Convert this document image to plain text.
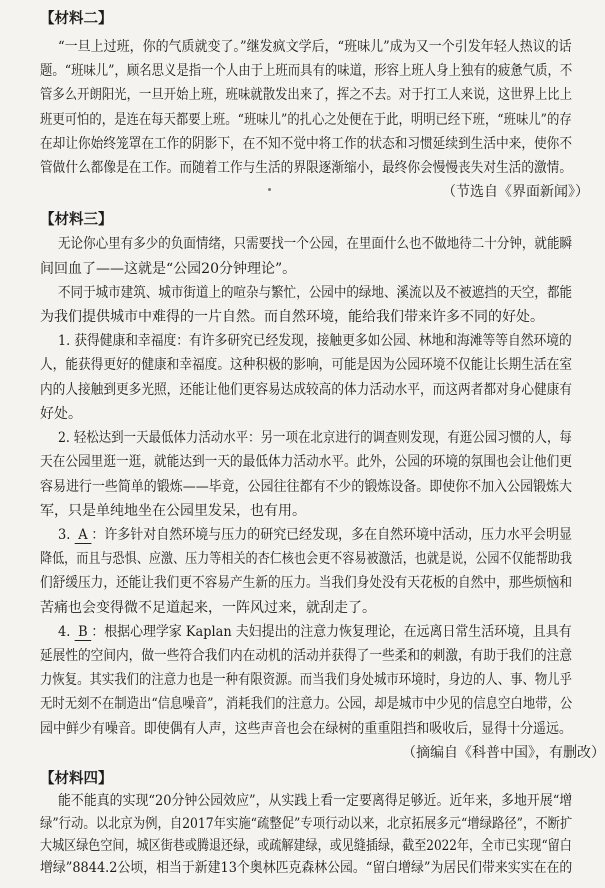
【材料二】
“一旦上过班，你的气质就变了。”继发疯文学后，“班味儿”成为又一个引发年轻人热议的话
题。“班味儿”，顾名思义是指一个人由于上班而具有的味道，形容上班人身上独有的疲惫气质，不
管多么开朗阳光，一旦开始上班，班味就散发出来了，挥之不去。对于打工人来说，这世界上比上
班更可怕的，是连在每天都要上班。“班味儿”的扎心之处便在于此，明明已经下班，“班味儿”的存
在却让你始终笼罩在工作的阴影下，在不知不觉中将工作的状态和习惯延续到生活中来，使你不
管做什么都像是在工作。而随着工作与生活的界限逐渐缩小，最终你会慢慢丧失对生活的激情。
（节选自《界面新闻》）
【材料三】
无论你心里有多少的负面情绪，只需要找一个公园，在里面什么也不做地待二十分钟，就能瞬
间回血了——这就是“公园20分钟理论”。
不同于城市建筑、城市街道上的喧杂与繁忙，公园中的绿地、溪流以及不被遮挡的天空，都能
为我们提供城市中难得的一片自然。而自然环境，能给我们带来许多不同的好处。
1. 获得健康和幸福度：有许多研究已经发现，接触更多如公园、林地和海滩等等自然环境的
人，能获得更好的健康和幸福度。这种积极的影响，可能是因为公园环境不仅能让长期生活在室
内的人接触到更多光照，还能让他们更容易达成较高的体力活动水平，而这两者都对身心健康有
好处。
2. 轻松达到一天最低体力活动水平：另一项在北京进行的调查则发现，有逛公园习惯的人，每
天在公园里逛一逛，就能达到一天的最低体力活动水平。此外，公园的环境的氛围也会让他们更
容易进行一些简单的锻炼——毕竟，公园往往都有不少的锻炼设备。即使你不加入公园锻炼大
军，只是单纯地坐在公园里发呆，也有用。
3. A ：许多针对自然环境与压力的研究已经发现，多在自然环境中活动，压力水平会明显
降低，而且与恐惧、应激、压力等相关的杏仁核也会更不容易被激活，也就是说，公园不仅能帮助我
们舒缓压力，还能让我们更不容易产生新的压力。当我们身处没有天花板的自然中，那些烦恼和
苦痛也会变得微不足道起来，一阵风过来，就刮走了。
4. B ：根据心理学家 Kaplan 夫妇提出的注意力恢复理论，在远离日常生活环境，且具有
延展性的空间内，做一些符合我们内在动机的活动并获得了一些柔和的刺激，有助于我们的注意
力恢复。其实我们的注意力也是一种有限资源。而当我们身处城市环境时，身边的人、事、物儿乎
无时无刻不在制造出“信息噪音”，消耗我们的注意力。公园，却是城市中少见的信息空白地带，公
园中鲜少有噪音。即使偶有人声，这些声音也会在绿树的重重阻挡和吸收后，显得十分遥远。
（摘编自《科普中国》，有删改）
【材料四】
能不能真的实现“20分钟公园效应”，从实践上看一定要离得足够近。近年来，多地开展“增
绿”行动。以北京为例，自2017年实施“疏整促”专项行动以来，北京拓展多元“增绿路径”，不断扩
大城区绿色空间，城区街巷或腾退还绿，或疏解建绿，或见缝插绿，截至2022年，全市已实现“留白
增绿”8844.2公顷，相当于新建13个奥林匹克森林公园。“留白增绿”为居民们带来实实在在的
